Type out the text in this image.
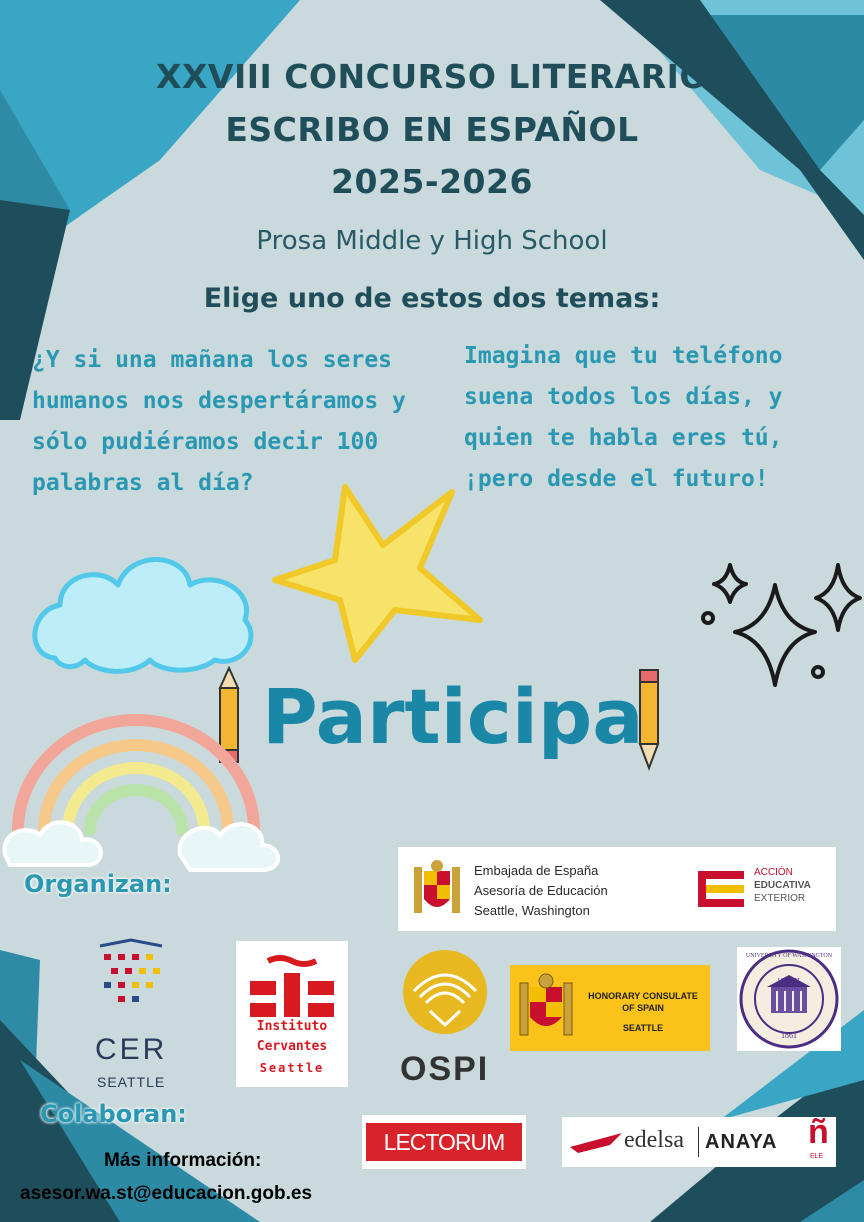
XXVIII CONCURSO LITERARIO
ESCRIBO EN ESPAÑOL
2025-2026

Prosa Middle y High School

Elige uno de estos dos temas:

¿Y si una mañana los seres humanos nos despertáramos y sólo pudiéramos decir 100 palabras al día?

Imagina que tu teléfono suena todos los días, y quien te habla eres tú, ¡pero desde el futuro!

Participa

Organizan:	Embajada de España

Asesoría de Educación

Seattle, Washington

ACCIÓN

EDUCATIVA

EXTERIOR

CER

SEATTLE

Instituto

Cervantes

Seattle	OSPI

HONORARY CONSULATE

OF SPAIN

SEATTLE

UNIVERSITY OF WASHINGTON

LVX SIT

1861

Colaboran:

LECTORUM	edelsa ANAYA ñ

ELE

Más información:

asesor.wa.st@educacion.gob.es
